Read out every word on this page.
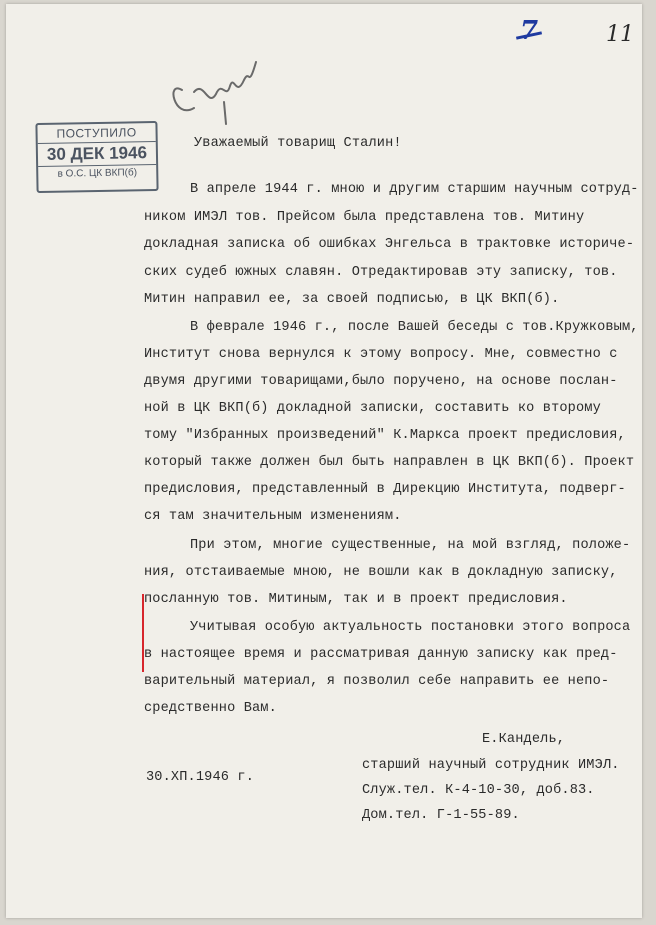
7	11
ПОСТУПИЛО
30 ДЕК 1946
в О.С. ЦК ВКП(б)
Уважаемый товарищ Сталин!
В апреле 1944 г. мною и другим старшим научным сотруд-
ником ИМЭЛ тов. Прейсом была представлена тов. Митину
докладная записка об ошибках Энгельса в трактовке историче-
ских судеб южных славян. Отредактировав эту записку, тов.
Митин направил ее, за своей подписью, в ЦК ВКП(б).
В феврале 1946 г., после Вашей беседы с тов.Кружковым,
Институт снова вернулся к этому вопросу. Мне, совместно с
двумя другими товарищами,было поручено, на основе послан-
ной в ЦК ВКП(б) докладной записки, составить ко второму
тому "Избранных произведений" К.Маркса проект предисловия,
который также должен был быть направлен в ЦК ВКП(б). Проект
предисловия, представленный в Дирекцию Института, подверг-
ся там значительным изменениям.
При этом, многие существенные, на мой взгляд, положе-
ния, отстаиваемые мною, не вошли как в докладную записку,
посланную тов. Митиным, так и в проект предисловия.
Учитывая особую актуальность постановки этого вопроса
в настоящее время и рассматривая данную записку как пред-
варительный материал, я позволил себе направить ее непо-
средственно Вам.
Е.Кандель,
30.ХП.1946 г.
старший научный сотрудник ИМЭЛ.
Служ.тел. К-4-10-30, доб.83.
Дом.тел. Г-1-55-89.
